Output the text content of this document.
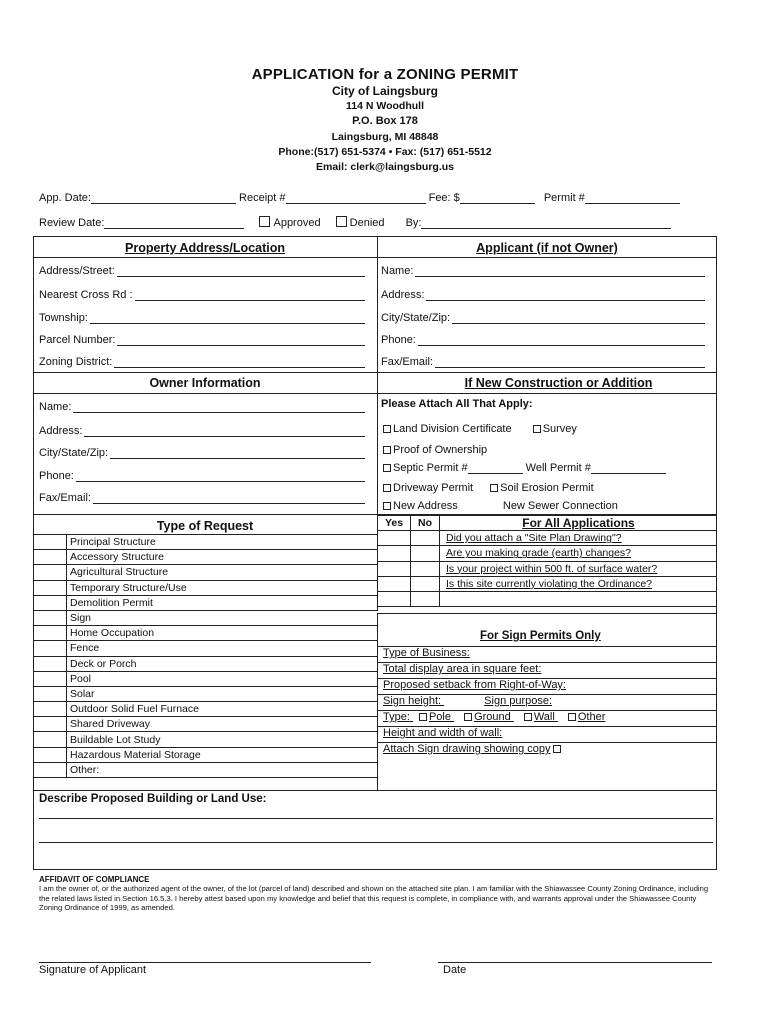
APPLICATION for a ZONING PERMIT
City of Laingsburg
114 N Woodhull
P.O. Box 178
Laingsburg, MI 48848
Phone:(517) 651-5374 • Fax: (517) 651-5512
Email: clerk@laingsburg.us
App. Date:	Receipt #	Fee: $	Permit #
Review Date:	Approved	Denied By:
Property Address/Location	Applicant (if not Owner)
Owner Information	If New Construction or Addition
Address/Street:
Nearest Cross Rd :
Township:
Parcel Number:
Zoning District:
Name:
Address:
City/State/Zip:
Phone:
Fax/Email:
Name:
Address:
City/State/Zip:
Phone:
Fax/Email:
Please Attach All That Apply:
Land Division Certificate	Survey
Proof of Ownership
Septic Permit #	Well Permit #
Driveway Permit Soil Erosion Permit
New Address	New Sewer Connection
Type of Request
	Principal Structure
	Accessory Structure
	Agricultural Structure
	Temporary Structure/Use
	Demolition Permit
	Sign
	Home Occupation
	Fence
	Deck or Porch
	Pool
	Solar
	Outdoor Solid Fuel Furnace
	Shared Driveway
	Buildable Lot Study
	Hazardous Material Storage
	Other:
Yes	No	For All Applications
		Did you attach a "Site Plan Drawing"?
		Are you making grade (earth) changes?
		Is your project within 500 ft. of surface water?
		Is this site currently violating the Ordinance?

For Sign Permits Only
Type of Business:
Total display area in square feet:
Proposed setback from Right-of-Way:
Sign height:	Sign purpose:
Type: Pole Ground Wall Other
Height and width of wall:
Attach Sign drawing showing copy
Describe Proposed Building or Land Use:
AFFIDAVIT OF COMPLIANCE
I am the owner of, or the authorized agent of the owner, of the lot (parcel of land) described and shown on the attached site plan. I am familiar with the Shiawassee County Zoning Ordinance, including the related laws listed in Section 16.5.3. I hereby attest based upon my knowledge and belief that this request is complete, in compliance with, and warrants approval under the Shiawassee County Zoning Ordinance of 1999, as amended.
Signature of Applicant	Date
